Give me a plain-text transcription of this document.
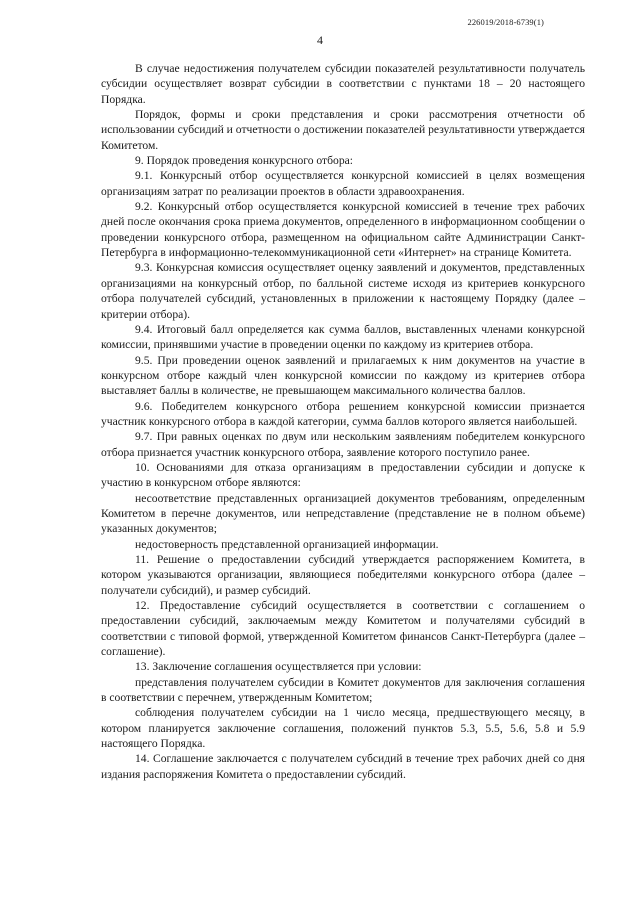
226019/2018-6739(1)
4

В случае недостижения получателем субсидии показателей результативности получатель субсидии осуществляет возврат субсидии в соответствии с пунктами 18 – 20 настоящего Порядка.

Порядок, формы и сроки представления и сроки рассмотрения отчетности об использовании субсидий и отчетности о достижении показателей результативности утверждается Комитетом.

9. Порядок проведения конкурсного отбора:

9.1. Конкурсный отбор осуществляется конкурсной комиссией в целях возмещения организациям затрат по реализации проектов в области здравоохранения.

9.2. Конкурсный отбор осуществляется конкурсной комиссией в течение трех рабочих дней после окончания срока приема документов, определенного в информационном сообщении о проведении конкурсного отбора, размещенном на официальном сайте Администрации Санкт-Петербурга в информационно-телекоммуникационной сети «Интернет» на странице Комитета.

9.3. Конкурсная комиссия осуществляет оценку заявлений и документов, представленных организациями на конкурсный отбор, по балльной системе исходя из критериев конкурсного отбора получателей субсидий, установленных в приложении к настоящему Порядку (далее – критерии отбора).

9.4. Итоговый балл определяется как сумма баллов, выставленных членами конкурсной комиссии, принявшими участие в проведении оценки по каждому из критериев отбора.

9.5. При проведении оценок заявлений и прилагаемых к ним документов на участие в конкурсном отборе каждый член конкурсной комиссии по каждому из критериев отбора выставляет баллы в количестве, не превышающем максимального количества баллов.

9.6. Победителем конкурсного отбора решением конкурсной комиссии признается участник конкурсного отбора в каждой категории, сумма баллов которого является наибольшей.

9.7. При равных оценках по двум или нескольким заявлениям победителем конкурсного отбора признается участник конкурсного отбора, заявление которого поступило ранее.

10. Основаниями для отказа организациям в предоставлении субсидии и допуске к участию в конкурсном отборе являются:

несоответствие представленных организацией документов требованиям, определенным Комитетом в перечне документов, или непредставление (представление не в полном объеме) указанных документов;

недостоверность представленной организацией информации.

11. Решение о предоставлении субсидий утверждается распоряжением Комитета, в котором указываются организации, являющиеся победителями конкурсного отбора (далее – получатели субсидий), и размер субсидий.

12. Предоставление субсидий осуществляется в соответствии с соглашением о предоставлении субсидий, заключаемым между Комитетом и получателями субсидий в соответствии с типовой формой, утвержденной Комитетом финансов Санкт-Петербурга (далее – соглашение).

13. Заключение соглашения осуществляется при условии:

представления получателем субсидии в Комитет документов для заключения соглашения в соответствии с перечнем, утвержденным Комитетом;

соблюдения получателем субсидии на 1 число месяца, предшествующего месяцу, в котором планируется заключение соглашения, положений пунктов 5.3, 5.5, 5.6, 5.8 и 5.9 настоящего Порядка.

14. Соглашение заключается с получателем субсидий в течение трех рабочих дней со дня издания распоряжения Комитета о предоставлении субсидий.
